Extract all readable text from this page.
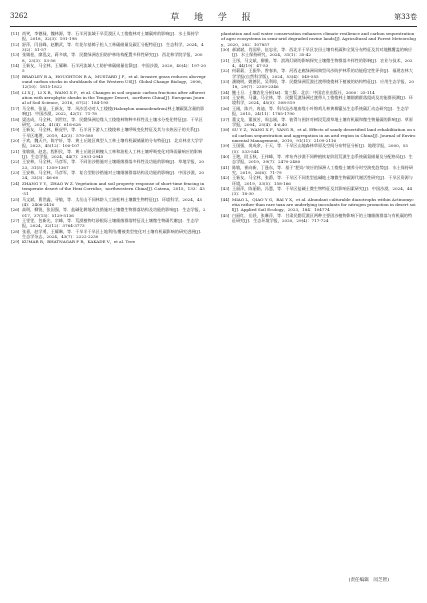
3262	草 地 学 报	第33卷

[11] 尚笑，李德禄，魏林源，等．石羊河流域干旱荒漠区人工梭梭林对土壤碳库的影响[J]．水土保持学报，2018，32(3)：191-198

[12] 舒萍，闫昌峰，赵鹏武，等．红花尔基樟子松人工林碳储量及碳汇分配特征[J]．生态科学，2024，43(2)：51-57

[13] 张婧卷，廖泓文，蒋多斌，等．民勤绿洲农田防护林结构配置多样性研究[J]．西北林学院学报，2008，23(3)：53-56

[14] 王新友，马全林，王耀琳．石羊河流域人工防护林碳储量估算[J]．中国沙漠，2020，40(4)：197-205

[15] BRADLEY B A，HOUGHTON R A，MUSTARD J F，et al. Invasive grass reduces aboveground carbon stocks in shrublands of the Western US[J]. Global Change Biology，2006，12(10)：1815-1822

[16] LI X J，LI X R，WANG X P，et al. Changes in soil organic carbon fractions after afforestation with xerophytic shrubs in the Tengger Desert，northern China[J]. European Journal of Soil Science，2016，67(2)：184-195

[17] 马全林，张显，王新友，等．风沙活动对人工梭梭(Haloxylon ammodendron)林土壤碳氮含量的影响[J]．中国沙漠，2022，42(1)：71-78

[18] 梁达成，马全林，刘世红，等．民勤绿洲边缘人工梭梭林物种多样性及土壤水分变化特征[J]．干旱区研究，2024，41(4)：618-628

[19] 王新友，马全林，靳虎甲，等．石羊河下游人工梭梭林土壤呼吸变化特征及其与水热因子的关系[J]．干旱区地理，2019，42(3)：570-580

[20] 于欢，魏天兴，陈宇轩，等．黄土丘陵区典型人工林土壤有机碳储量的分布特征[J]．北京林业大学学报，2023，45(12)：100-107

[21] 张敏娟，赵忠，程积民，等．黄土丘陵区刺槐人工林和油松人工林土壤呼吸变化对降雨量响应的影响[J]．生态学报，2024，44(7)：2931-2945

[22] 王安林，马全林，马彦军，等．不同治沙措施对土壤细菌群落多样性及功能的影响[J]．草地学报，2023，31(5)：1359-1367

[23] 王安林，马全林，马彦军，等．复合型防沙措施对土壤细菌群落结构及功能的影响[J]．中国沙漠，2024，33(3)：46-60

[24] ZHANG Y Y，ZHAO W Z. Vegetation and soil property response of short-time fencing in temperate desert of the Hexi Corridor，northwestern China[J]. Catena，2015，133：43-51

[25] 马文斌，曹世鑫，寻敏，等．太岳山不同林龄人工油松林土壤微生物特征[J]．环境科学，2024，45(4)：2406-2416

[26] 高明，柳锐，张国强，等．盐碱化耕地改良措施对土壤微生物群落结构及功能的影响[J]．生态学报，2017，37(15)：5129-5136

[27] 王雯雯，包新光，宗峰，等．荒漠植物红砂根际土壤细菌群落特征及土壤微生物碳代谢[J]．生态学报，2024，32(12)：3764-3773

[28] 张嘉，赵学勇，王耀琳，等．干旱半干旱区土地利用/覆被类型变化对土壤有机碳影响的研究进展[J]．生态学杂志，2024，43(7)：2222-2230

[29] KUMAR R，BHATNAGAR P R，KAKADE V，et al. Tree

plantation and soil water conservation enhances climate resilience and carbon sequestration of agro ecosystems in semi-arid degraded ravine lands[J]. Agricultural and Forest Meteorology，2020，282：107857

[30] 郝斌斌，肖国举，伍忠业，等．西北半干旱区农田土壤有机碳和全氮分布特征及其对地膜覆盖的响应[J]．水土保持研究，2024，31(1)：35-42

[31] 王彤，马文斌，柳雅，等．滨海灯刷的影响探究土壤微生物群落多样性的影响[J]．农业与技术，2024，44(19)：47-53

[32] 何薪薪，王振华，曾春来，等．河西走廊绿洲同典型风沙防护林系的功能稳定性评价[J]．福建农林大学学报(自然科学版)，2024，53(4)：549-555

[33] 潘晓明，姚德民，吴利琼，等．民勤绿洲荒漠过渡带梭梭林下植被的结构特征[J]．应用生态学报，2018，29(7)：2359-2346

[34] 鲍士旦．土壤农化分析[M]．第三版．北京：中国农业出版社，2000：25-114

[35] 王安林，马谦，马全林，等．民勤荒漠绿洲过渡带人工梭梭林土壤细菌群落组成及功能群预测[J]．环境科学，2024，45(5)：508-519

[36] 王刚，陈兴，冉迪，等．科尔沁沙地南缘小叶锦鸡儿林黄柳灌丛生态系统碳汇动态研究[J]．生态学报，2015，24(11)：1785-1790

[37] 董文龙，董放芳，周志刚，等．彼得与围封对树段荒漠草地土壤有机碳和微生物量碳的影响[J]．草原学报，2004，25(4)：4-6,40

[38] SU Y Z，WANG X F，YANG R，et al. Effects of sandy desertified land rehabilitation on soil carbon sequestration and aggregation in an arid region in China[J]. Journal of Environmental Management，2010，91(11)：2109-2116

[39] 王国强，岗成余，于天，等．干旱区山地森林草原及空间分布特征分析[J]．地理学报，2000，55(5)：533-544

[40] 王艳，段玉秋，王伟峰，等．库布齐沙漠不同种植恢复阶段荒漠生态系统碳氮储量及分配格局[J]．生态学报，2019，39(7)：2470-2480

[41] 陈敏，崔向新，丁逢东，等．基于“肥岛”效应的绿洲人工梭梭土壤养分时空演变趋势[J]．水土保持研究，2019，26(6)：71-79

[42] 王新友，马全林，张爵，等．干旱区不同类型盐碱地土壤微生物碳源代谢活性研究[J]．干旱区资源与环境，2019，33(5)：158-166

[43] 王丽萍，陈丽娟，冯慧，等．干旱区盐碱土微生物特征及其影响因素研究[J]．中国沙漠，2024，44(3)：18-30

[44] MIAO L，QIAO Y G，BAI Y X，et al. Abundant culturable diazotrophs within Actinomycetia rather than rare taxa are underlying inoculants for nitrogen promotion in desert soil[J]. Applied Soil Ecology，2023，184：104774

[45] 白丽红，岳跃，张琳萍，等．甘肃民勤荒漠区两种主要固沙植物影响下的土壤细菌群落与有机碳的特征研究[J]．生态环境学报，2020，29(4)：717-724

(责任编辑　闵芝智)
